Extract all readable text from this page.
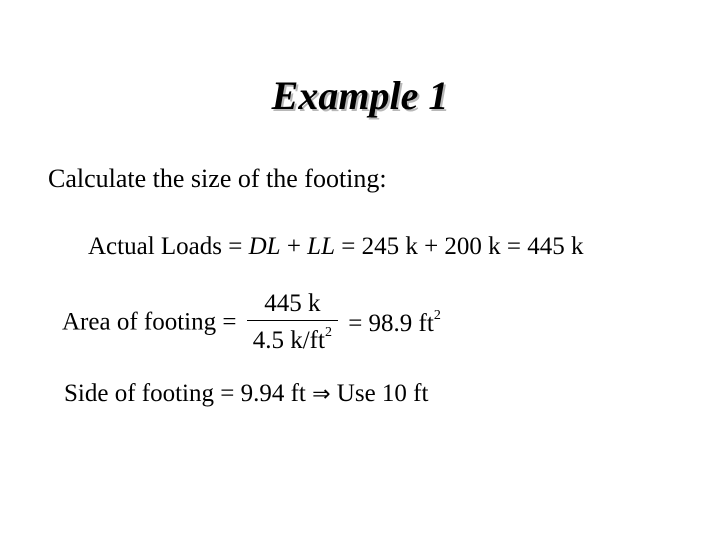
Example 1
Calculate the size of the footing:
Actual Loads = DL + LL = 245 k + 200 k = 445 k
Area of footing = $\frac{445 k}{4.5 k/ft^2} = 98.9$ $ft^2$
Side of footing = 9.94 ft ⇒ Use 10 ft
